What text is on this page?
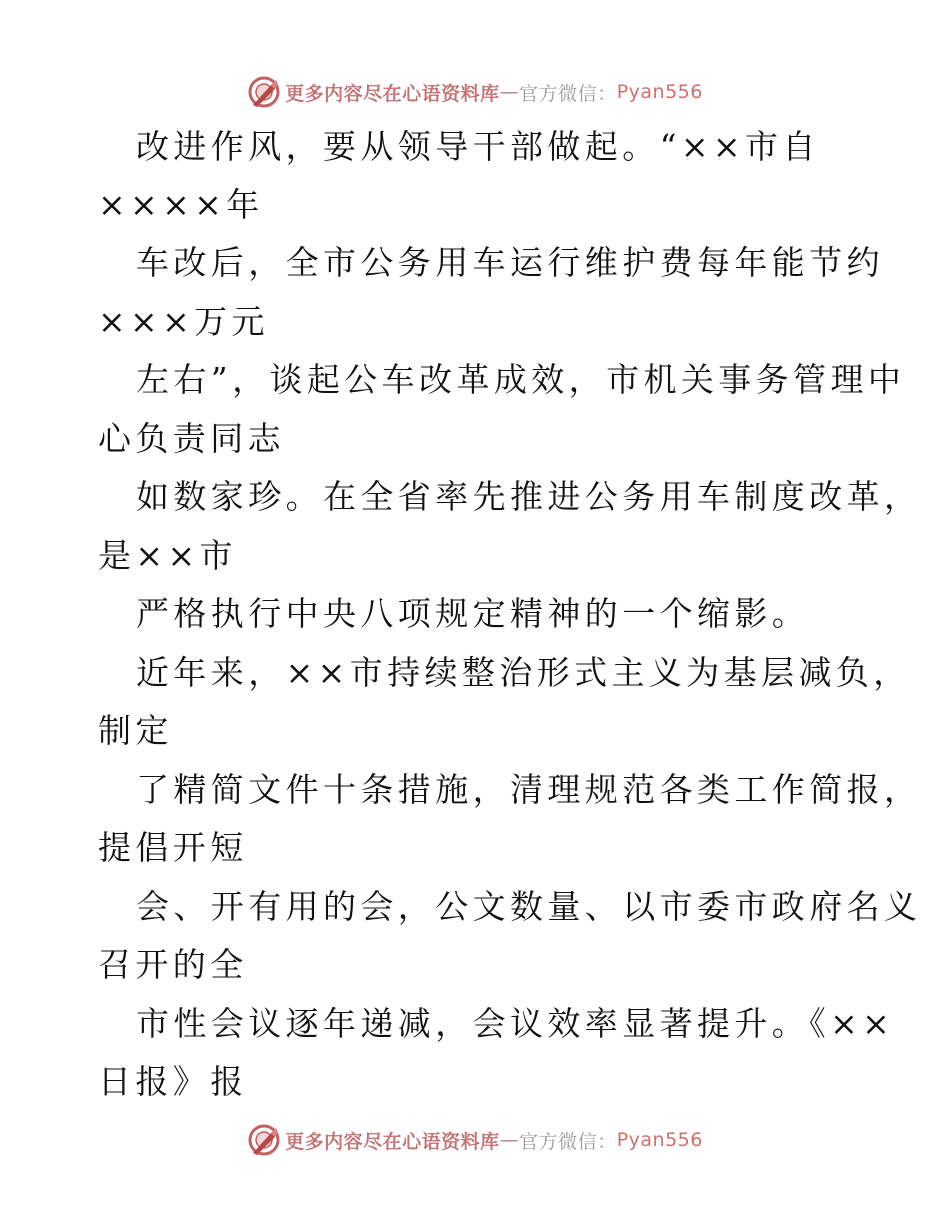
更多内容尽在心语资料库 — 官方微信： Pyan556
改进作风，要从领导干部做起。“××市自
××××年
车改后，全市公务用车运行维护费每年能节约
×××万元
左右”，谈起公车改革成效，市机关事务管理中
心负责同志
如数家珍。在全省率先推进公务用车制度改革，
是××市
严格执行中央八项规定精神的一个缩影。
近年来，××市持续整治形式主义为基层减负，
制定
了精简文件十条措施，清理规范各类工作简报，
提倡开短
会、开有用的会，公文数量、以市委市政府名义
召开的全
市性会议逐年递减，会议效率显著提升。《××
日报》报
更多内容尽在心语资料库 — 官方微信： Pyan556
